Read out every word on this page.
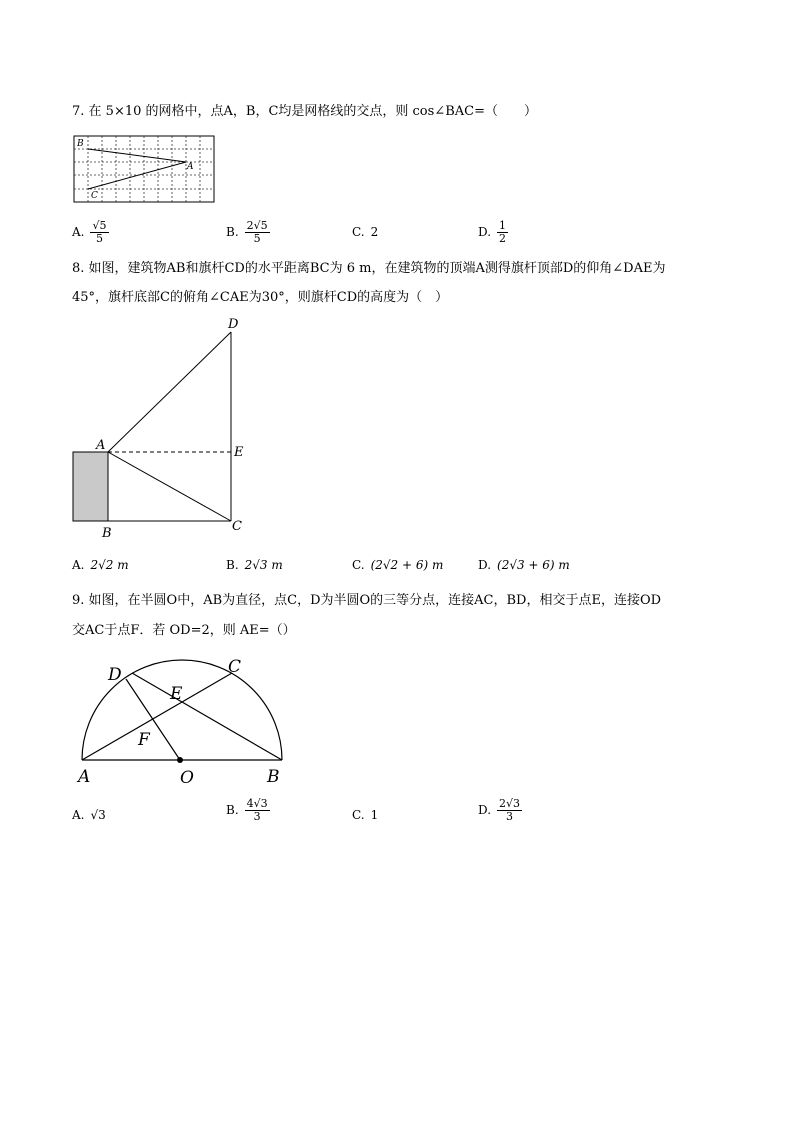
7. 在 5×10 的网格中，点A，B，C均是网格线的交点，则 cos∠BAC=（　　）
B
A
C
A. $\frac{√5}{5}$	B. $\frac{2√5}{5}$	C. 2	D. $\frac{1}{2}$
8. 如图，建筑物AB和旗杆CD的水平距离BC为 6 m，在建筑物的顶端A测得旗杆顶部D的仰角∠DAE为
45°，旗杆底部C的俯角∠CAE为30°，则旗杆CD的高度为（　）
D
A	E
B	C
A. 2√2 m	B. 2√3 m	C. (2√2 + 6) m	D. (2√3 + 6) m
9. 如图，在半圆O中，AB为直径，点C，D为半圆O的三等分点，连接AC，BD，相交于点E，连接OD
交AC于点F．若 OD=2，则 AE=（）
D	C
E
F
A	O	B
A. √3	B. $\frac{4√3}{3}$	C. 1	D. $\frac{2√3}{3}$
